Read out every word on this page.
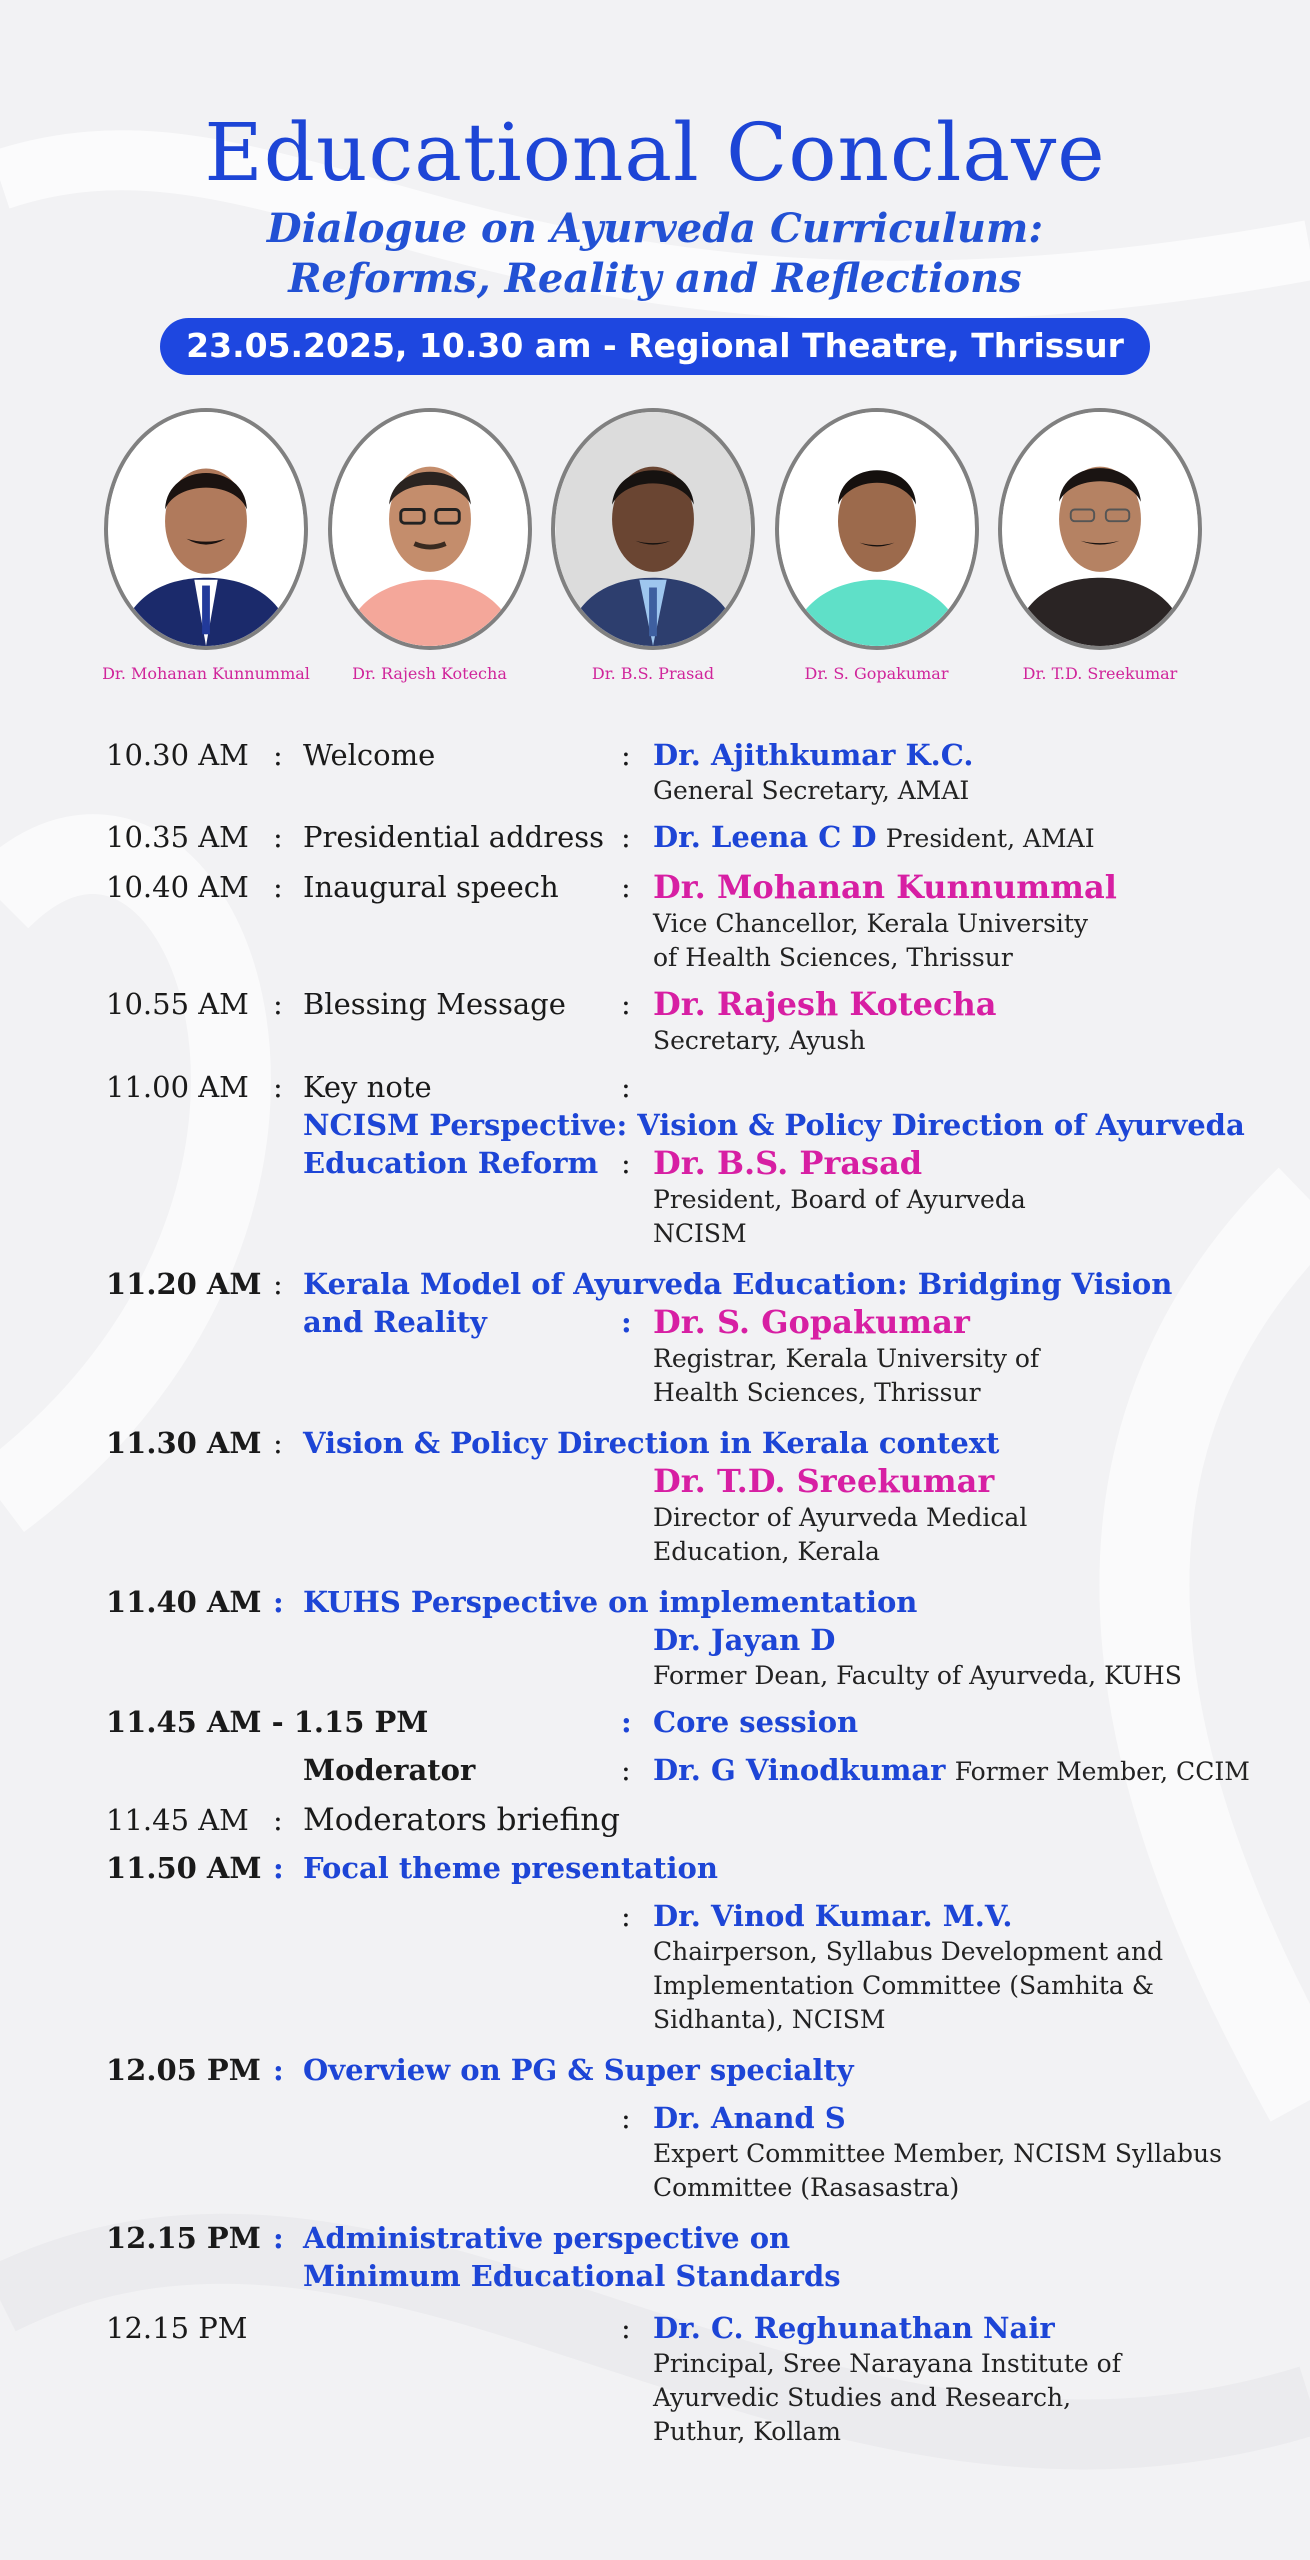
Educational Conclave
Dialogue on Ayurveda Curriculum:
Reforms, Reality and Reflections
23.05.2025, 10.30 am - Regional Theatre, Thrissur
Dr. Mohanan Kunnummal	Dr. Rajesh Kotecha	Dr. B.S. Prasad	Dr. S. Gopakumar	Dr. T.D. Sreekumar
10.30 AM : Welcome	: Dr. Ajithkumar K.C.
General Secretary, AMAI
10.35 AM : Presidential address : Dr. Leena C D President, AMAI
10.40 AM : Inaugural speech	: Dr. Mohanan Kunnummal
Vice Chancellor, Kerala University
of Health Sciences, Thrissur
10.55 AM : Blessing Message	: Dr. Rajesh Kotecha
Secretary, Ayush
11.00 AM : Key note	:
NCISM Perspective: Vision & Policy Direction of Ayurveda
Education Reform : Dr. B.S. Prasad
President, Board of Ayurveda
NCISM
11.20 AM : Kerala Model of Ayurveda Education: Bridging Vision
and Reality	: Dr. S. Gopakumar
Registrar, Kerala University of
Health Sciences, Thrissur
11.30 AM : Vision & Policy Direction in Kerala context
Dr. T.D. Sreekumar
Director of Ayurveda Medical
Education, Kerala
11.40 AM : KUHS Perspective on implementation
Dr. Jayan D
Former Dean, Faculty of Ayurveda, KUHS
11.45 AM - 1.15 PM	: Core session
Moderator	: Dr. G Vinodkumar Former Member, CCIM
11.45 AM : Moderators briefing
11.50 AM : Focal theme presentation
: Dr. Vinod Kumar. M.V.
Chairperson, Syllabus Development and
Implementation Committee (Samhita &
Sidhanta), NCISM
12.05 PM : Overview on PG & Super specialty
: Dr. Anand S
Expert Committee Member, NCISM Syllabus
Committee (Rasasastra)
12.15 PM : Administrative perspective on
Minimum Educational Standards
12.15 PM	: Dr. C. Reghunathan Nair
Principal, Sree Narayana Institute of
Ayurvedic Studies and Research,
Puthur, Kollam
